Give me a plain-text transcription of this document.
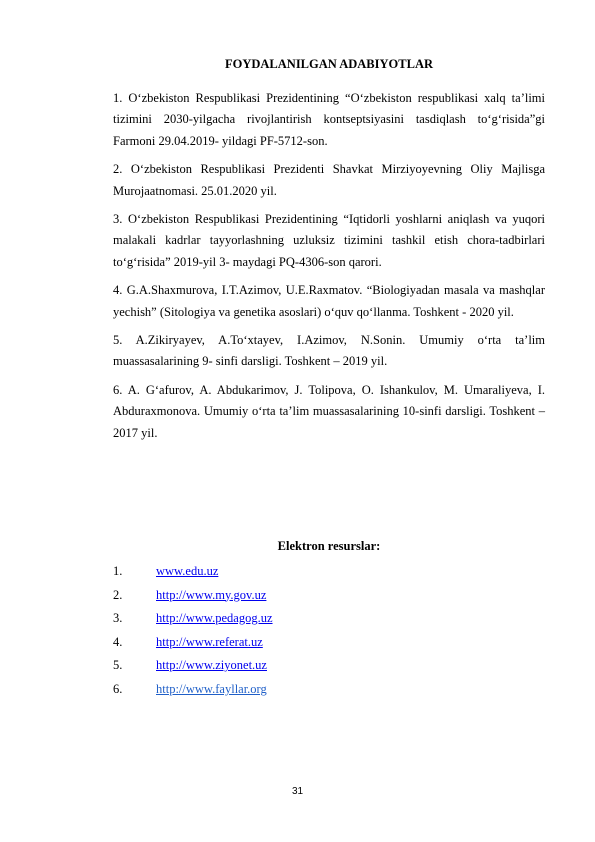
FOYDALANILGAN ADABIYOTLAR

1. O‘zbekiston Respublikasi Prezidentining “O‘zbekiston respublikasi xalq ta’limi tizimini 2030-yilgacha rivojlantirish kontseptsiyasini tasdiqlash to‘g‘risida”gi Farmoni 29.04.2019- yildagi PF-5712-son.

2. O‘zbekiston Respublikasi Prezidenti Shavkat Mirziyoyevning Oliy Majlisga Murojaatnomasi. 25.01.2020 yil.

3. O‘zbekiston Respublikasi Prezidentining “Iqtidorli yoshlarni aniqlash va yuqori malakali kadrlar tayyorlashning uzluksiz tizimini tashkil etish chora-tadbirlari to‘g‘risida” 2019-yil 3- maydagi PQ-4306-son qarori.

4. G.A.Shaxmurova, I.T.Azimov, U.E.Raxmatov. “Biologiyadan masala va mashqlar yechish” (Sitologiya va genetika asoslari) o‘quv qo‘llanma. Toshkent - 2020 yil.

5. A.Zikiryayev, A.To‘xtayev, I.Azimov, N.Sonin. Umumiy o‘rta ta’lim muassasalarining 9- sinfi darsligi. Toshkent – 2019 yil.

6. A. G‘afurov, A. Abdukarimov, J. Tolipova, O. Ishankulov, M. Umaraliyeva, I. Abduraxmonova. Umumiy o‘rta ta’lim muassasalarining 10-sinfi darsligi. Toshkent – 2017 yil.

Elektron resurslar:
1.	www.edu.uz
2.	http://www.my.gov.uz
3.	http://www.pedagog.uz
4.	http://www.referat.uz
5.	http://www.ziyonet.uz
6.	http://www.fayllar.org
31
